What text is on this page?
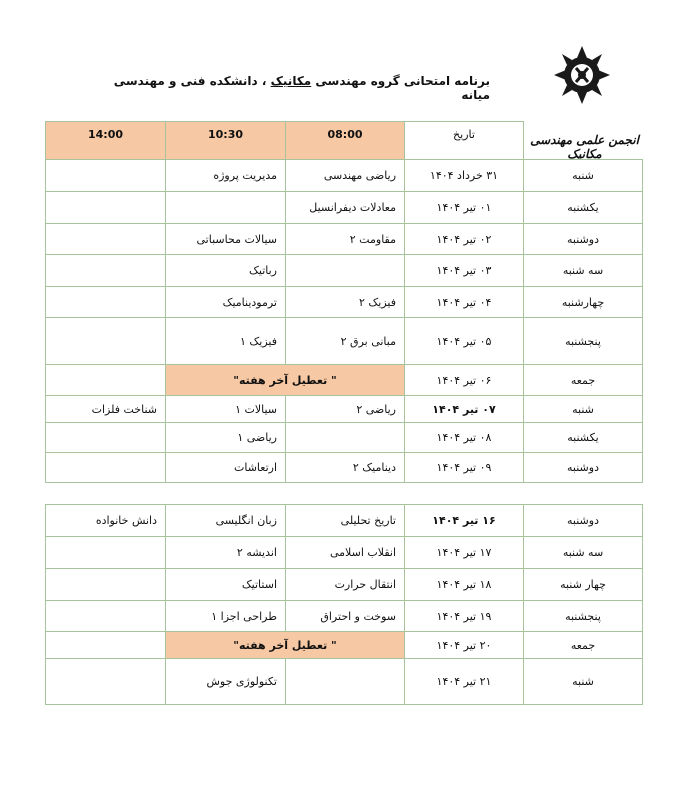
برنامه امتحانی گروه مهندسی مکانیک ، دانشکده فنی و مهندسی میانه
انجمن علمی مهندسی مکانیک
14:00	10:30	08:00	تاریخ	
	مدیریت پروژه	ریاضی مهندسی	۳۱ خرداد ۱۴۰۴	شنبه
		معادلات دیفرانسیل	۰۱ تیر ۱۴۰۴	یکشنبه
	سیالات محاسباتی	مقاومت ۲	۰۲ تیر ۱۴۰۴	دوشنبه
	رباتیک		۰۳ تیر ۱۴۰۴	سه شنبه
	ترمودینامیک	فیزیک ۲	۰۴ تیر ۱۴۰۴	چهارشنبه
	فیزیک ۱	مبانی برق ۲	۰۵ تیر ۱۴۰۴	پنجشنبه
	" تعطیل آخر هفته"		۰۶ تیر ۱۴۰۴	جمعه
شناخت فلزات	سیالات ۱	ریاضی ۲	۰۷ تیر ۱۴۰۴	شنبه
	ریاضی ۱		۰۸ تیر ۱۴۰۴	یکشنبه
	ارتعاشات	دینامیک ۲	۰۹ تیر ۱۴۰۴	دوشنبه
دانش خانواده	زبان انگلیسی	تاریخ تحلیلی	۱۶ تیر ۱۴۰۴	دوشنبه
	اندیشه ۲	انقلاب اسلامی	۱۷ تیر ۱۴۰۴	سه شنبه
	استاتیک	انتقال حرارت	۱۸ تیر ۱۴۰۴	چهار شنبه
	طراحی اجزا ۱	سوخت و احتراق	۱۹ تیر ۱۴۰۴	پنجشنبه
	" تعطیل آخر هفته"		۲۰ تیر ۱۴۰۴	جمعه
	تکنولوژی جوش		۲۱ تیر ۱۴۰۴	شنبه
